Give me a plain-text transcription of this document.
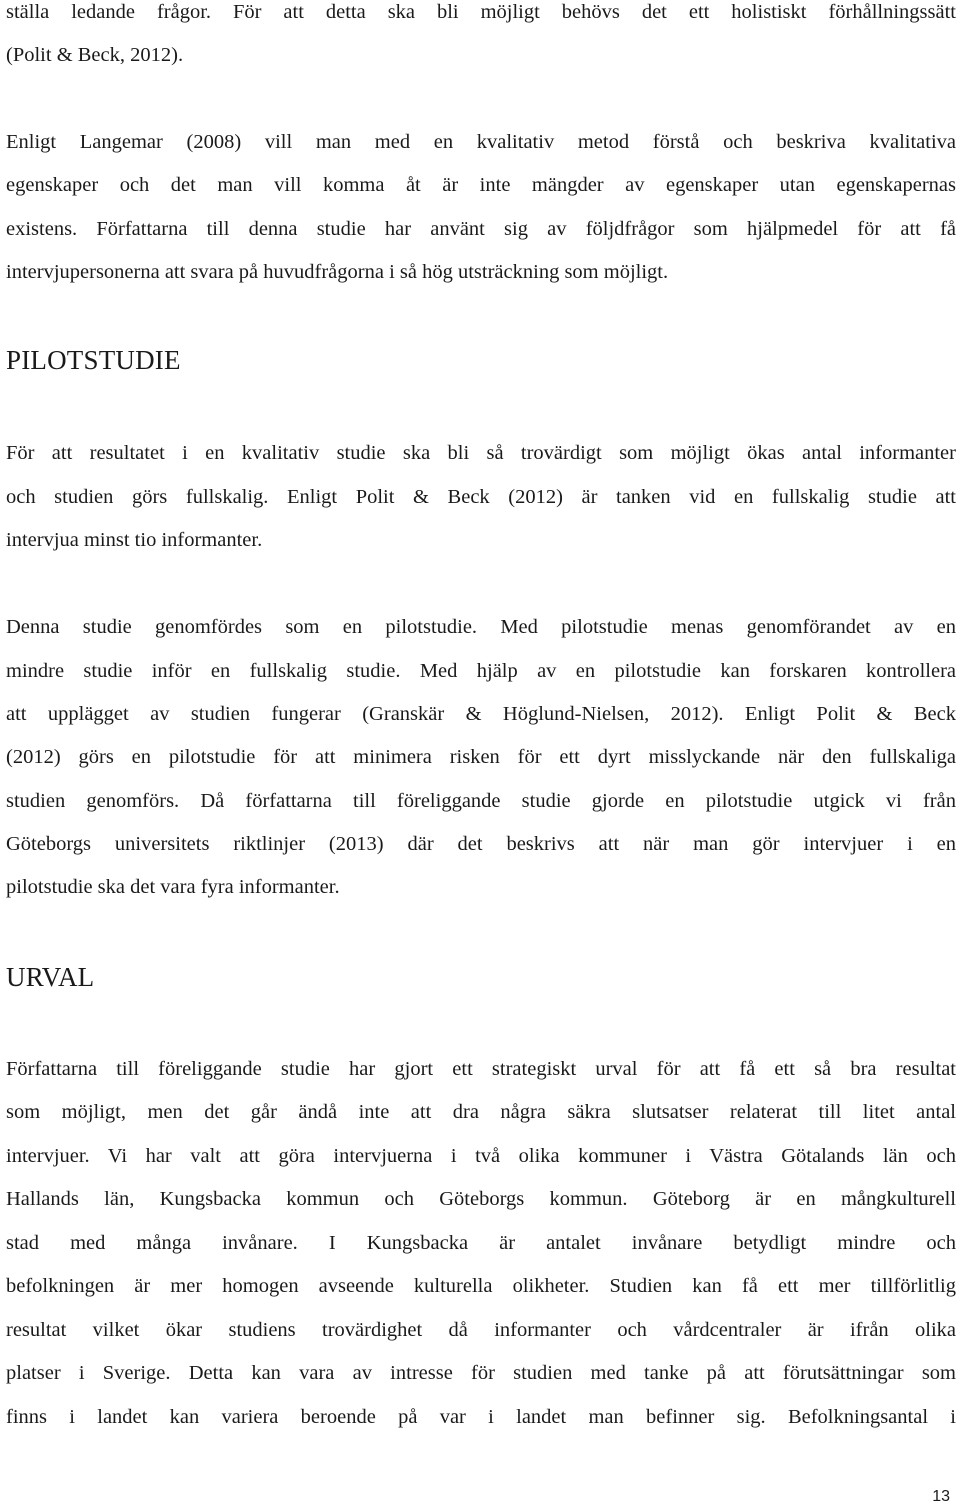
ställa ledande frågor. För att detta ska bli möjligt behövs det ett holistiskt förhållningssätt
(Polit & Beck, 2012).
Enligt Langemar (2008) vill man med en kvalitativ metod förstå och beskriva kvalitativa
egenskaper och det man vill komma åt är inte mängder av egenskaper utan egenskapernas
existens. Författarna till denna studie har använt sig av följdfrågor som hjälpmedel för att få
intervjupersonerna att svara på huvudfrågorna i så hög utsträckning som möjligt.
PILOTSTUDIE
För att resultatet i en kvalitativ studie ska bli så trovärdigt som möjligt ökas antal informanter
och studien görs fullskalig. Enligt Polit & Beck (2012) är tanken vid en fullskalig studie att
intervjua minst tio informanter.
Denna studie genomfördes som en pilotstudie. Med pilotstudie menas genomförandet av en
mindre studie inför en fullskalig studie. Med hjälp av en pilotstudie kan forskaren kontrollera
att upplägget av studien fungerar (Granskär & Höglund-Nielsen, 2012). Enligt Polit & Beck
(2012) görs en pilotstudie för att minimera risken för ett dyrt misslyckande när den fullskaliga
studien genomförs. Då författarna till föreliggande studie gjorde en pilotstudie utgick vi från
Göteborgs universitets riktlinjer (2013) där det beskrivs att när man gör intervjuer i en
pilotstudie ska det vara fyra informanter.
URVAL
Författarna till föreliggande studie har gjort ett strategiskt urval för att få ett så bra resultat
som möjligt, men det går ändå inte att dra några säkra slutsatser relaterat till litet antal
intervjuer. Vi har valt att göra intervjuerna i två olika kommuner i Västra Götalands län och
Hallands län, Kungsbacka kommun och Göteborgs kommun. Göteborg är en mångkulturell
stad med många invånare. I Kungsbacka är antalet invånare betydligt mindre och
befolkningen är mer homogen avseende kulturella olikheter. Studien kan få ett mer tillförlitlig
resultat vilket ökar studiens trovärdighet då informanter och vårdcentraler är ifrån olika
platser i Sverige. Detta kan vara av intresse för studien med tanke på att förutsättningar som
finns i landet kan variera beroende på var i landet man befinner sig. Befolkningsantal i
13
